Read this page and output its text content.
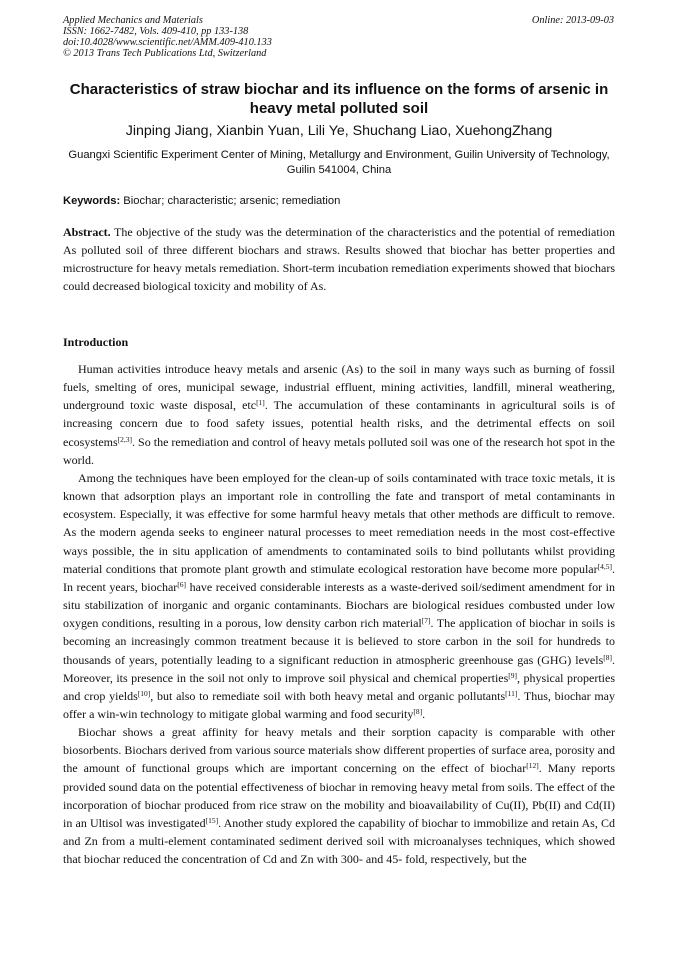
Applied Mechanics and Materials
ISSN: 1662-7482, Vols. 409-410, pp 133-138
doi:10.4028/www.scientific.net/AMM.409-410.133
© 2013 Trans Tech Publications Ltd, Switzerland
Online: 2013-09-03
Characteristics of straw biochar and its influence on the forms of arsenic in heavy metal polluted soil
Jinping Jiang, Xianbin Yuan, Lili Ye, Shuchang Liao, XuehongZhang
Guangxi Scientific Experiment Center of Mining, Metallurgy and Environment, Guilin University of Technology, Guilin 541004, China
Keywords: Biochar; characteristic; arsenic; remediation
Abstract. The objective of the study was the determination of the characteristics and the potential of remediation As polluted soil of three different biochars and straws. Results showed that biochar has better properties and microstructure for heavy metals remediation. Short-term incubation remediation experiments showed that biochars could decreased biological toxicity and mobility of As.
Introduction

Human activities introduce heavy metals and arsenic (As) to the soil in many ways such as burning of fossil fuels, smelting of ores, municipal sewage, industrial effluent, mining activities, landfill, mineral weathering, underground toxic waste disposal, etc[1]. The accumulation of these contaminants in agricultural soils is of increasing concern due to food safety issues, potential health risks, and the detrimental effects on soil ecosystems[2,3]. So the remediation and control of heavy metals polluted soil was one of the research hot spot in the world.

Among the techniques have been employed for the clean-up of soils contaminated with trace toxic metals, it is known that adsorption plays an important role in controlling the fate and transport of metal contaminants in ecosystem. Especially, it was effective for some harmful heavy metals that other methods are difficult to remove. As the modern agenda seeks to engineer natural processes to meet remediation needs in the most cost-effective ways possible, the in situ application of amendments to contaminated soils to bind pollutants whilst providing material conditions that promote plant growth and stimulate ecological restoration have become more popular[4,5]. In recent years, biochar[6] have received considerable interests as a waste-derived soil/sediment amendment for in situ stabilization of inorganic and organic contaminants. Biochars are biological residues combusted under low oxygen conditions, resulting in a porous, low density carbon rich material[7]. The application of biochar in soils is becoming an increasingly common treatment because it is believed to store carbon in the soil for hundreds to thousands of years, potentially leading to a significant reduction in atmospheric greenhouse gas (GHG) levels[8]. Moreover, its presence in the soil not only to improve soil physical and chemical properties[9], physical properties and crop yields[10], but also to remediate soil with both heavy metal and organic pollutants[11]. Thus, biochar may offer a win-win technology to mitigate global warming and food security[8].

Biochar shows a great affinity for heavy metals and their sorption capacity is comparable with other biosorbents. Biochars derived from various source materials show different properties of surface area, porosity and the amount of functional groups which are important concerning on the effect of biochar[12]. Many reports provided sound data on the potential effectiveness of biochar in removing heavy metal from soils. The effect of the incorporation of biochar produced from rice straw on the mobility and bioavailability of Cu(II), Pb(II) and Cd(II) in an Ultisol was investigated[15]. Another study explored the capability of biochar to immobilize and retain As, Cd and Zn from a multi-element contaminated sediment derived soil with microanalyses techniques, which showed that biochar reduced the concentration of Cd and Zn with 300- and 45- fold, respectively, but the
